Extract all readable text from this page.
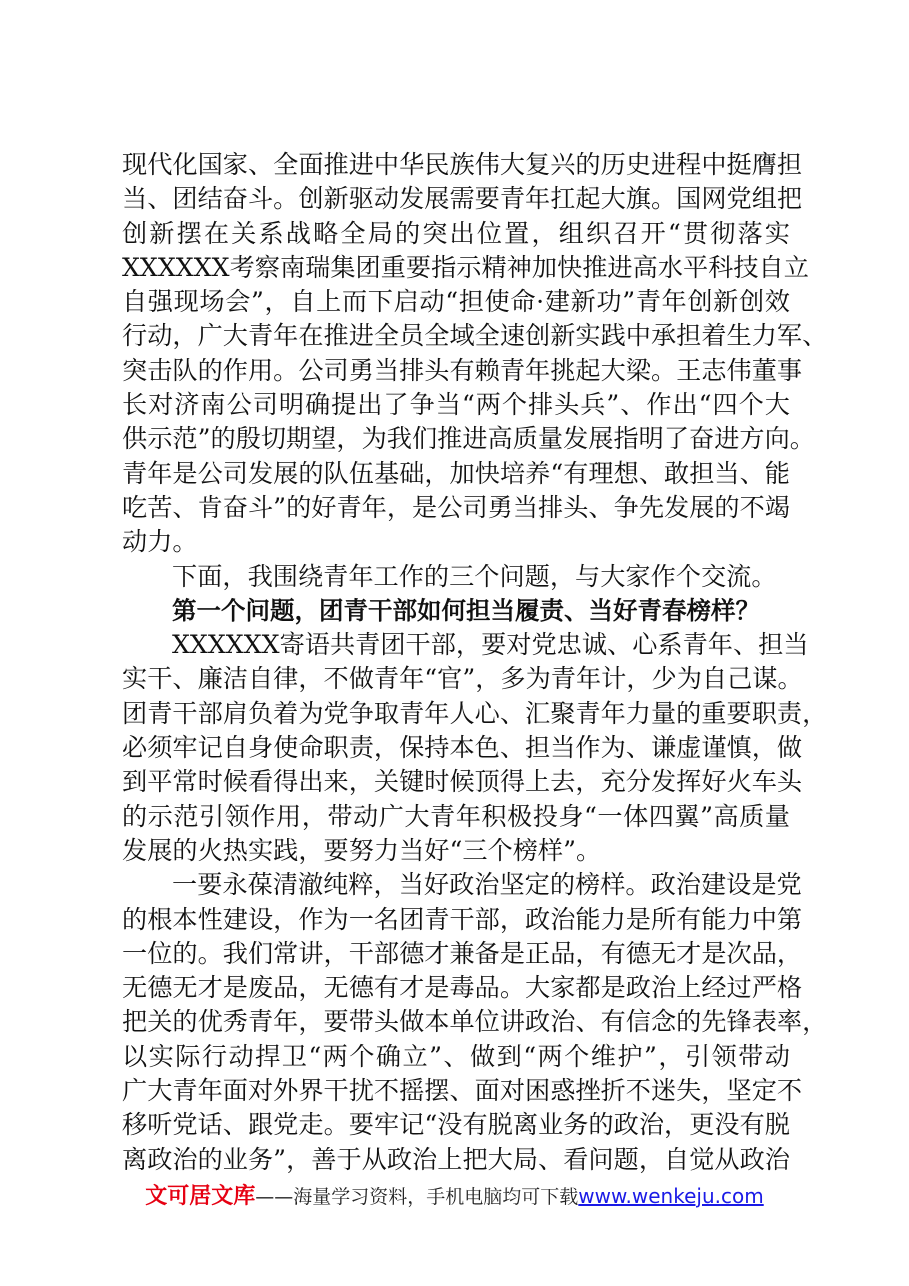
现代化国家、全面推进中华民族伟大复兴的历史进程中挺膺担
当、团结奋斗。创新驱动发展需要青年扛起大旗。国网党组把
创新摆在关系战略全局的突出位置，组织召开“贯彻落实
XXXXXX考察南瑞集团重要指示精神加快推进高水平科技自立
自强现场会”，自上而下启动“担使命·建新功”青年创新创效
行动，广大青年在推进全员全域全速创新实践中承担着生力军、
突击队的作用。公司勇当排头有赖青年挑起大梁。王志伟董事
长对济南公司明确提出了争当“两个排头兵”、作出“四个大
供示范”的殷切期望，为我们推进高质量发展指明了奋进方向。
青年是公司发展的队伍基础，加快培养“有理想、敢担当、能
吃苦、肯奋斗”的好青年，是公司勇当排头、争先发展的不竭
动力。
下面，我围绕青年工作的三个问题，与大家作个交流。
第一个问题，团青干部如何担当履责、当好青春榜样？
XXXXXX寄语共青团干部，要对党忠诚、心系青年、担当
实干、廉洁自律，不做青年“官”，多为青年计，少为自己谋。
团青干部肩负着为党争取青年人心、汇聚青年力量的重要职责，
必须牢记自身使命职责，保持本色、担当作为、谦虚谨慎，做
到平常时候看得出来，关键时候顶得上去，充分发挥好火车头
的示范引领作用，带动广大青年积极投身“一体四翼”高质量
发展的火热实践，要努力当好“三个榜样”。
一要永葆清澈纯粹，当好政治坚定的榜样。政治建设是党
的根本性建设，作为一名团青干部，政治能力是所有能力中第
一位的。我们常讲，干部德才兼备是正品，有德无才是次品，
无德无才是废品，无德有才是毒品。大家都是政治上经过严格
把关的优秀青年，要带头做本单位讲政治、有信念的先锋表率，
以实际行动捍卫“两个确立”、做到“两个维护”，引领带动
广大青年面对外界干扰不摇摆、面对困惑挫折不迷失，坚定不
移听党话、跟党走。要牢记“没有脱离业务的政治，更没有脱
离政治的业务”，善于从政治上把大局、看问题，自觉从政治
文可居文库——海量学习资料，手机电脑均可下载www.wenkeju.com
